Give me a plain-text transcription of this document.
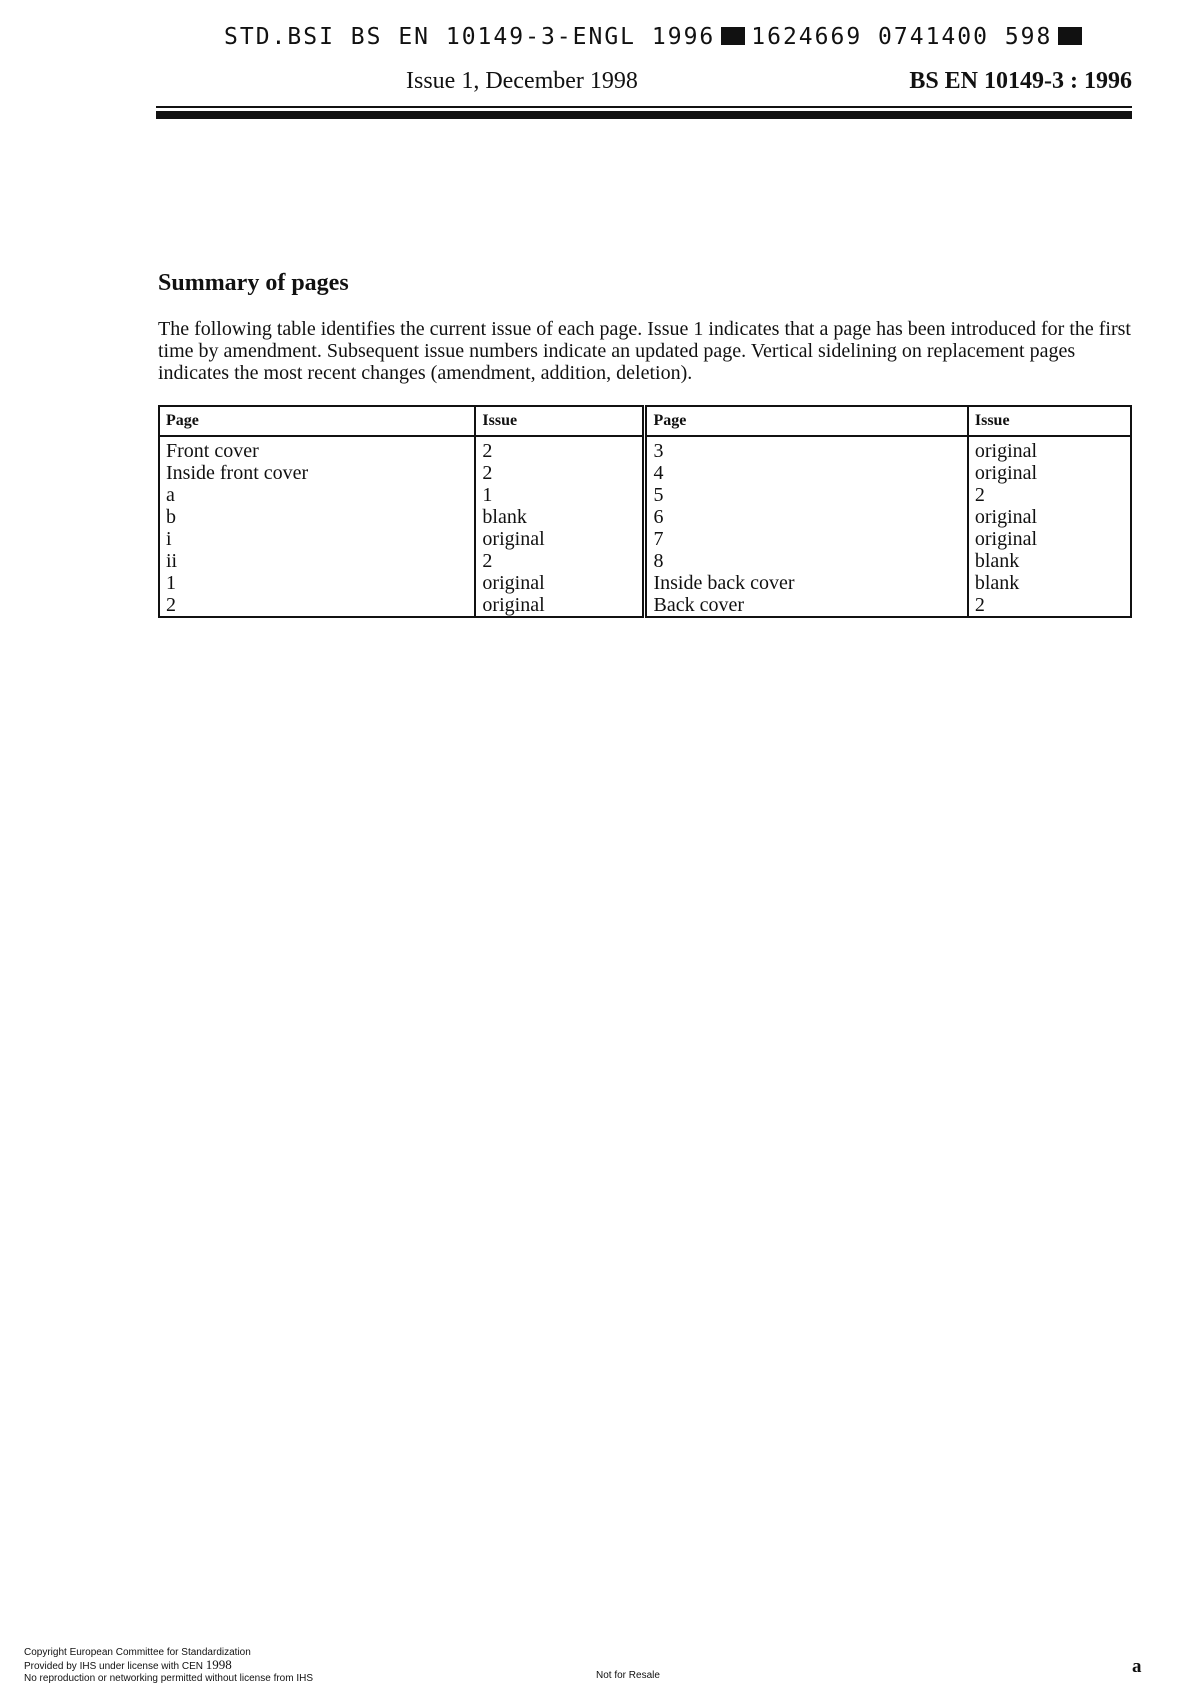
STD.BSI BS EN 10149-3-ENGL 1996 1624669 0741400 598
Issue 1, December 1998	BS EN 10149-3 : 1996
Summary of pages
The following table identifies the current issue of each page. Issue 1 indicates that a page has been introduced for the first time by amendment. Subsequent issue numbers indicate an updated page. Vertical sidelining on replacement pages indicates the most recent changes (amendment, addition, deletion).
Page	Issue	Page	Issue
Front cover	2	3	original
Inside front cover	2	4	original
a	1	5	2
b	blank	6	original
i	original	7	original
ii	2	8	blank
1	original	Inside back cover	blank
2	original	Back cover	2
Copyright European Committee for Standardization
Provided by IHS under license with CEN 1998
No reproduction or networking permitted without license from IHS	Not for Resale	a
